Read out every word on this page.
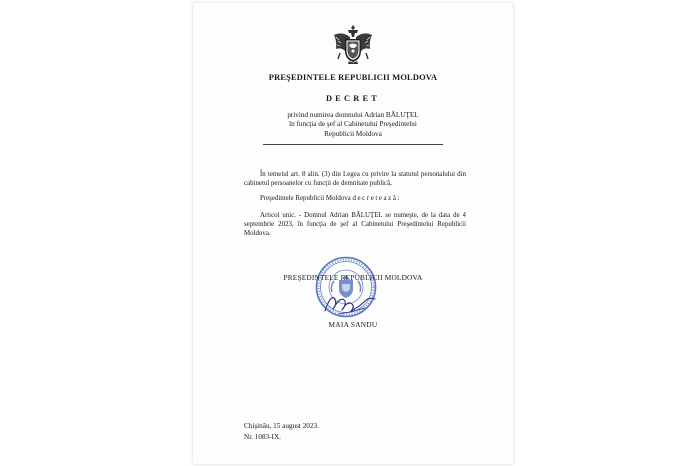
PREŞEDINTELE REPUBLICII MOLDOVA
DECRET
privind numirea domnului Adrian BĂLUŢEL
în funcţia de şef al Cabinetului Preşedintelui
Republicii Moldova
În temeiul art. 8 alin. (3) din Legea cu privire la statutul personalului din cabinetul persoanelor cu funcţii de demnitate publică,
Preşedintele Republicii Moldova decretează:
Articol unic. - Domnul Adrian BĂLUŢEL se numeşte, de la data de 4 septembrie 2023, în funcţia de şef al Cabinetului Preşedintelui Republicii Moldova.
PREŞEDINTELE REPUBLICII MOLDOVA
MAIA SANDU
Chişinău, 15 august 2023.
Nr. 1083-IX.
